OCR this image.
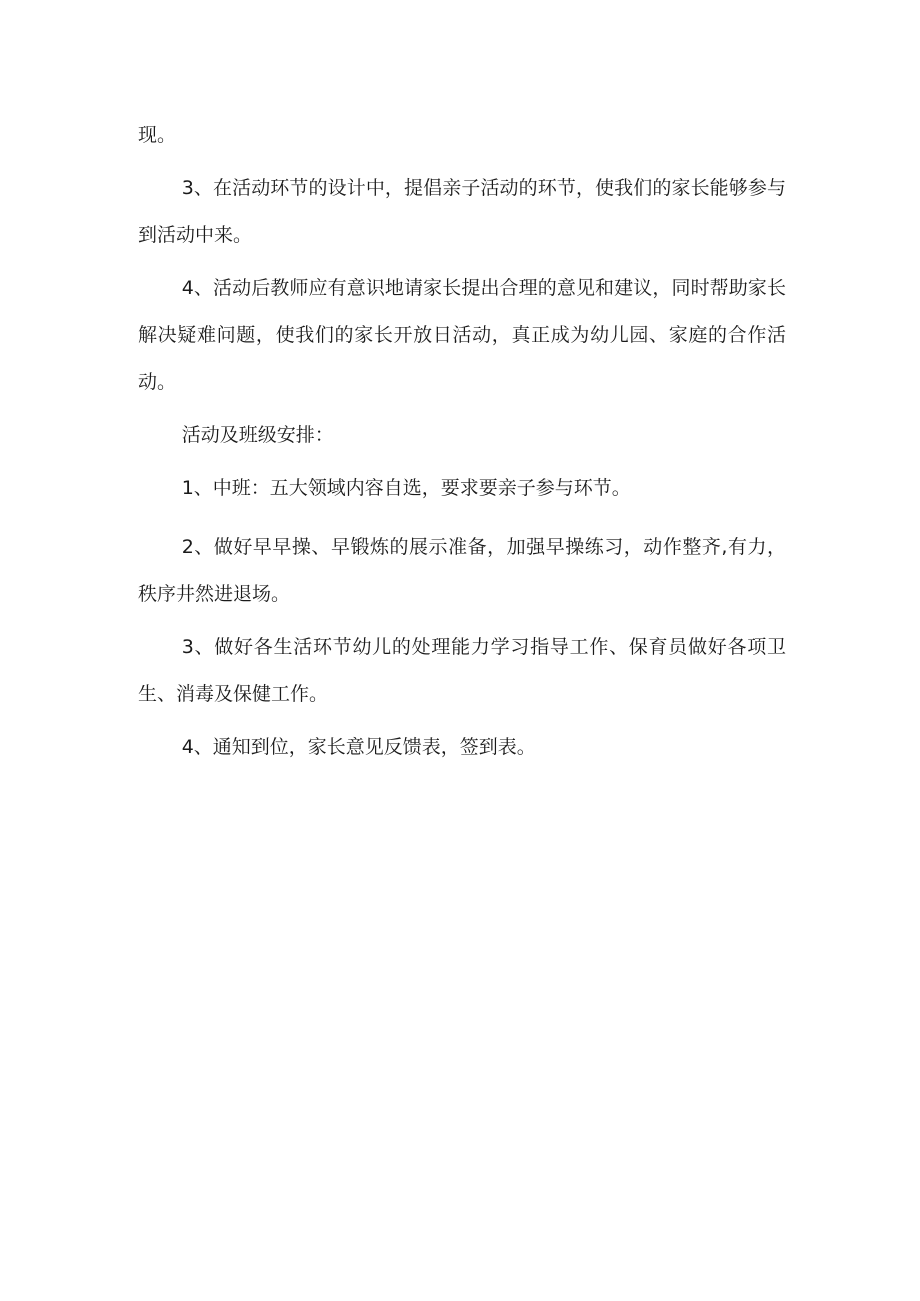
现。

3、在活动环节的设计中，提倡亲子活动的环节，使我们的家长能够参与到活动中来。

4、活动后教师应有意识地请家长提出合理的意见和建议，同时帮助家长解决疑难问题，使我们的家长开放日活动，真正成为幼儿园、家庭的合作活动。

活动及班级安排：

1、中班：五大领域内容自选，要求要亲子参与环节。

2、做好早早操、早锻炼的展示准备，加强早操练习，动作整齐,有力，秩序井然进退场。

3、做好各生活环节幼儿的处理能力学习指导工作、保育员做好各项卫生、消毒及保健工作。

4、通知到位，家长意见反馈表，签到表。
